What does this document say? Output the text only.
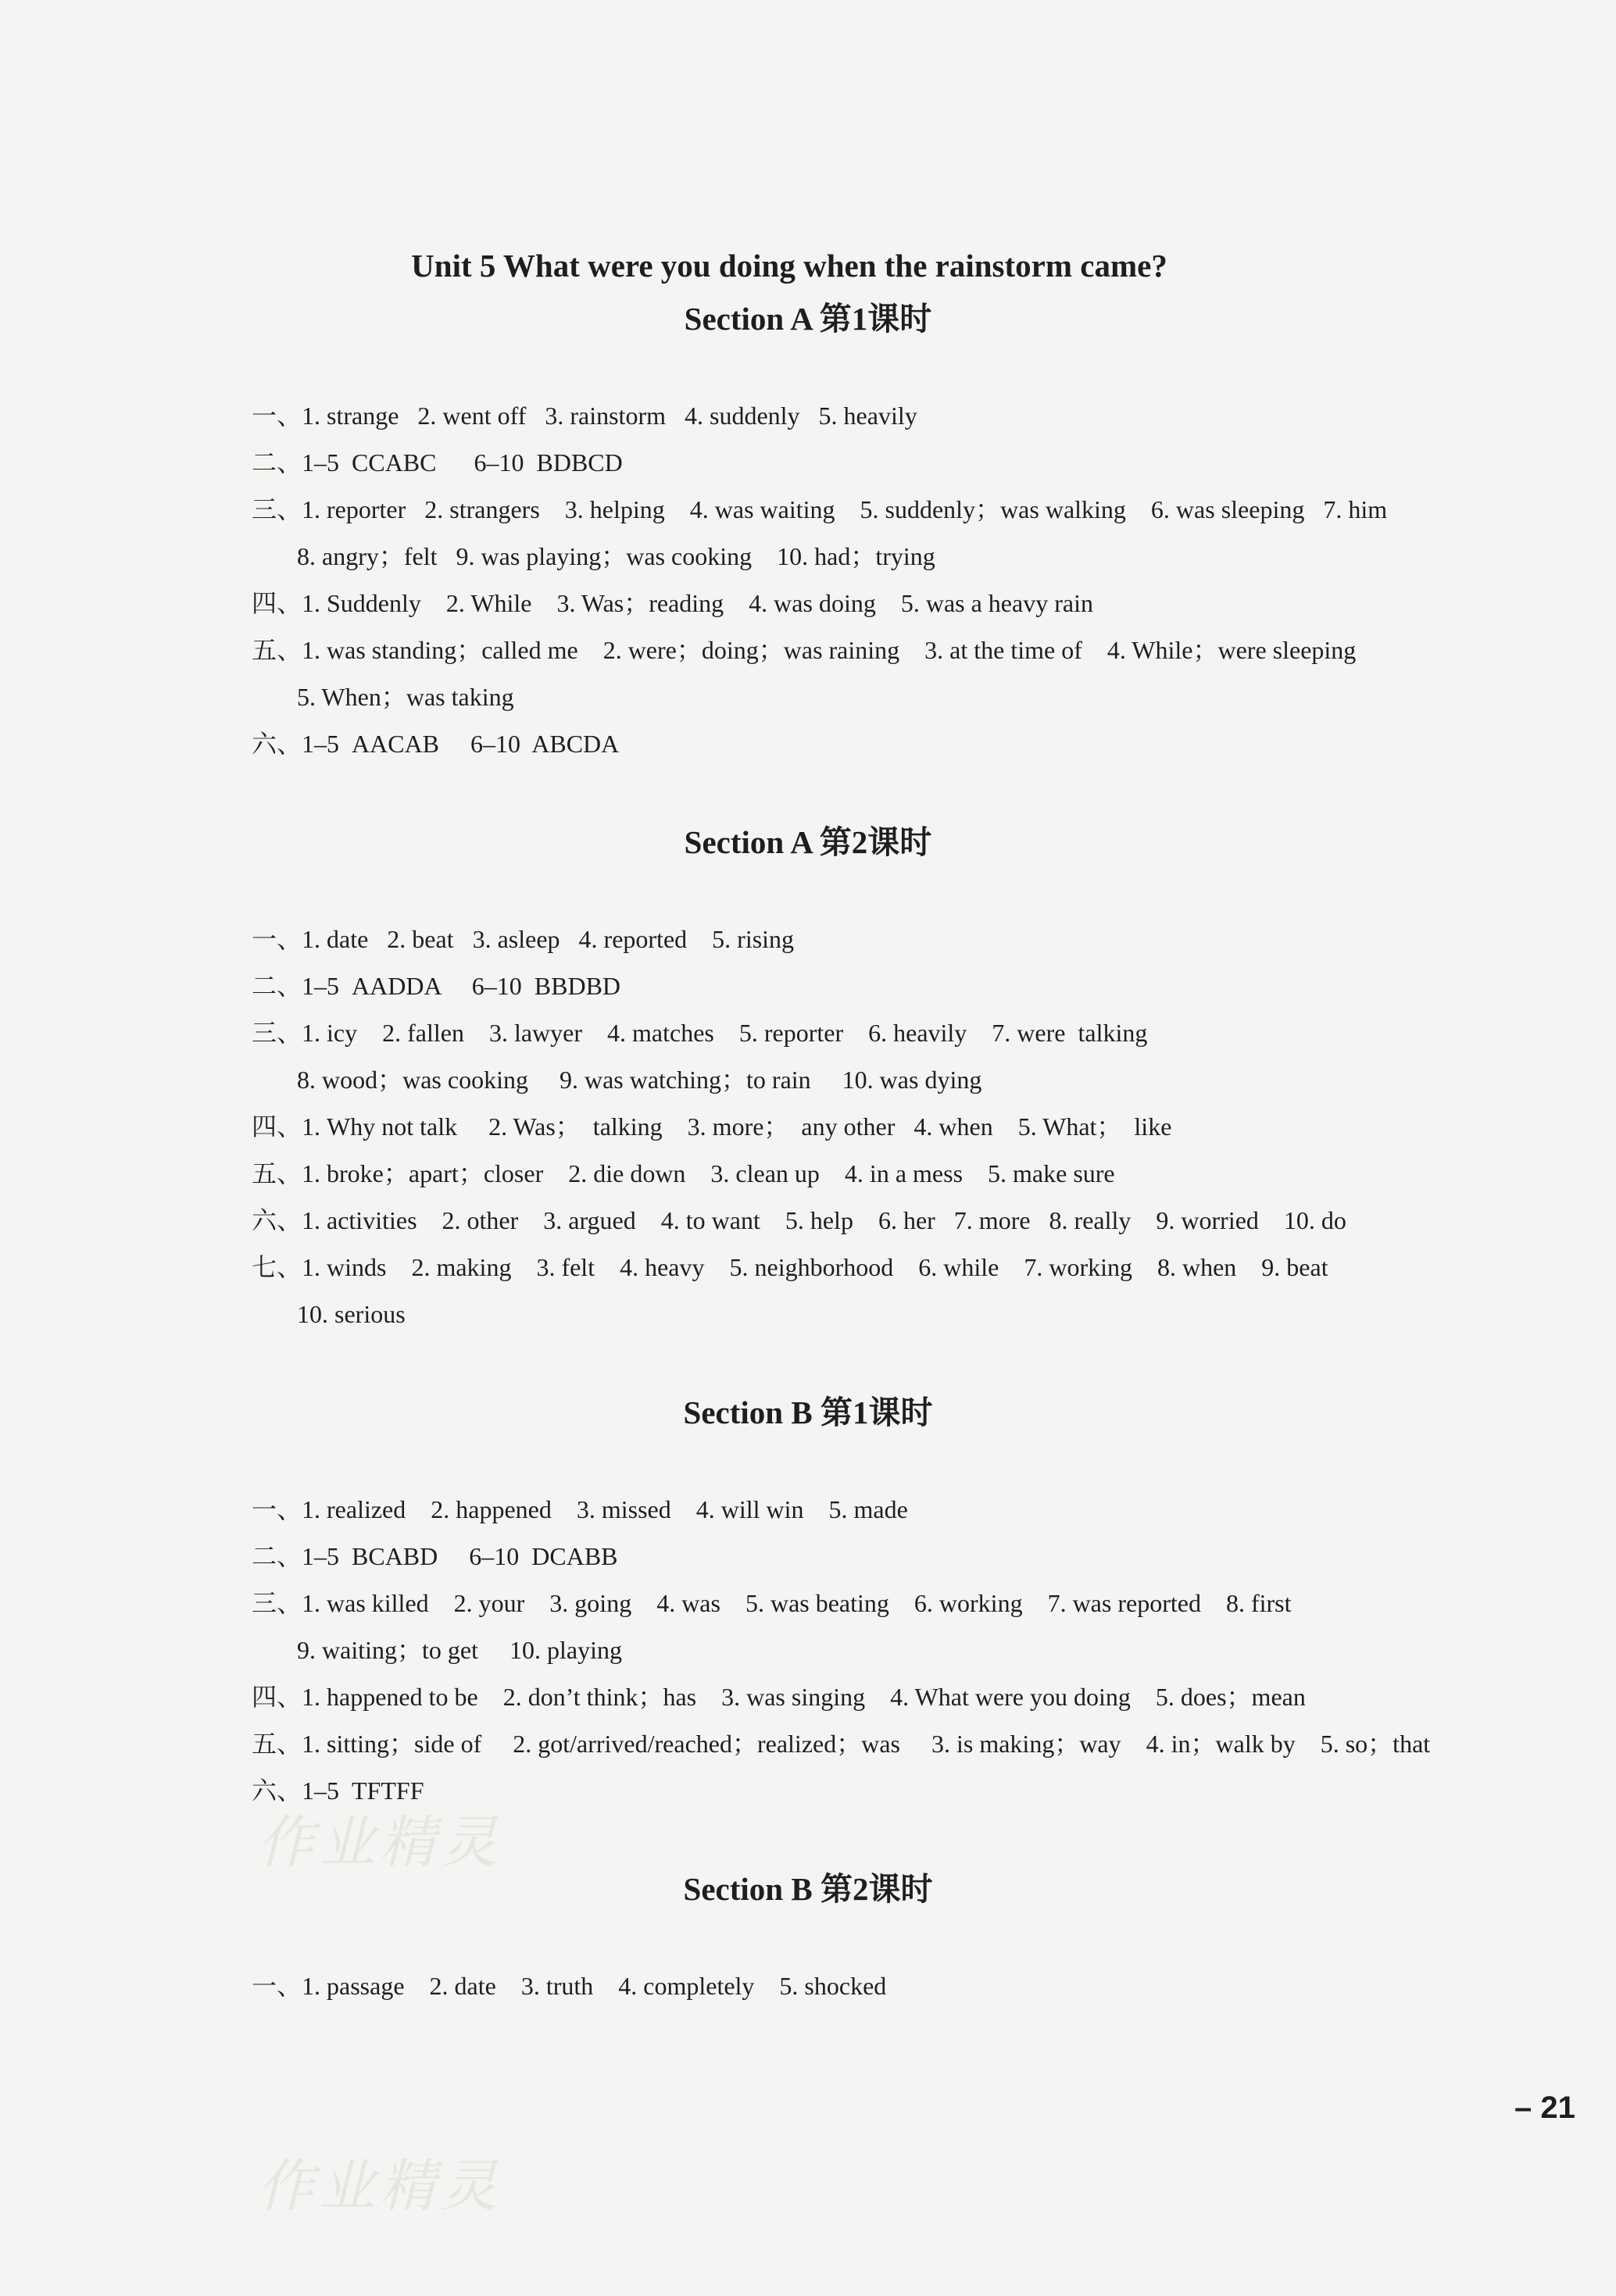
Unit 5 What were you doing when the rainstorm came?
Section A 第1课时
一、1. strange   2. went off   3. rainstorm   4. suddenly   5. heavily
二、1–5  CCABC      6–10  BDBCD
三、1. reporter   2. strangers    3. helping    4. was waiting    5. suddenly；was walking    6. was sleeping   7. him
8. angry；felt   9. was playing；was cooking    10. had；trying
四、1. Suddenly    2. While    3. Was；reading    4. was doing    5. was a heavy rain
五、1. was standing；called me    2. were；doing；was raining    3. at the time of    4. While；were sleeping
5. When；was taking
六、1–5  AACAB     6–10  ABCDA
Section A 第2课时
一、1. date   2. beat   3. asleep   4. reported    5. rising
二、1–5  AADDA     6–10  BBDBD
三、1. icy    2. fallen    3. lawyer    4. matches    5. reporter    6. heavily    7. were  talking
8. wood；was cooking     9. was watching；to rain     10. was dying
四、1. Why not talk     2. Was；  talking    3. more；  any other   4. when    5. What；  like
五、1. broke；apart；closer    2. die down    3. clean up    4. in a mess    5. make sure
六、1. activities    2. other    3. argued    4. to want    5. help    6. her   7. more   8. really    9. worried    10. do
七、1. winds    2. making    3. felt    4. heavy    5. neighborhood    6. while    7. working    8. when    9. beat
10. serious
Section B 第1课时
一、1. realized    2. happened    3. missed    4. will win    5. made
二、1–5  BCABD     6–10  DCABB
三、1. was killed    2. your    3. going    4. was    5. was beating    6. working    7. was reported    8. first
9. waiting；to get     10. playing
四、1. happened to be    2. don’t think；has    3. was singing    4. What were you doing    5. does；mean
五、1. sitting；side of     2. got/arrived/reached；realized；was     3. is making；way    4. in；walk by    5. so；that
六、1–5  TFTFF
Section B 第2课时
一、1. passage    2. date    3. truth    4. completely    5. shocked
作业精灵
作业精灵
– 21
